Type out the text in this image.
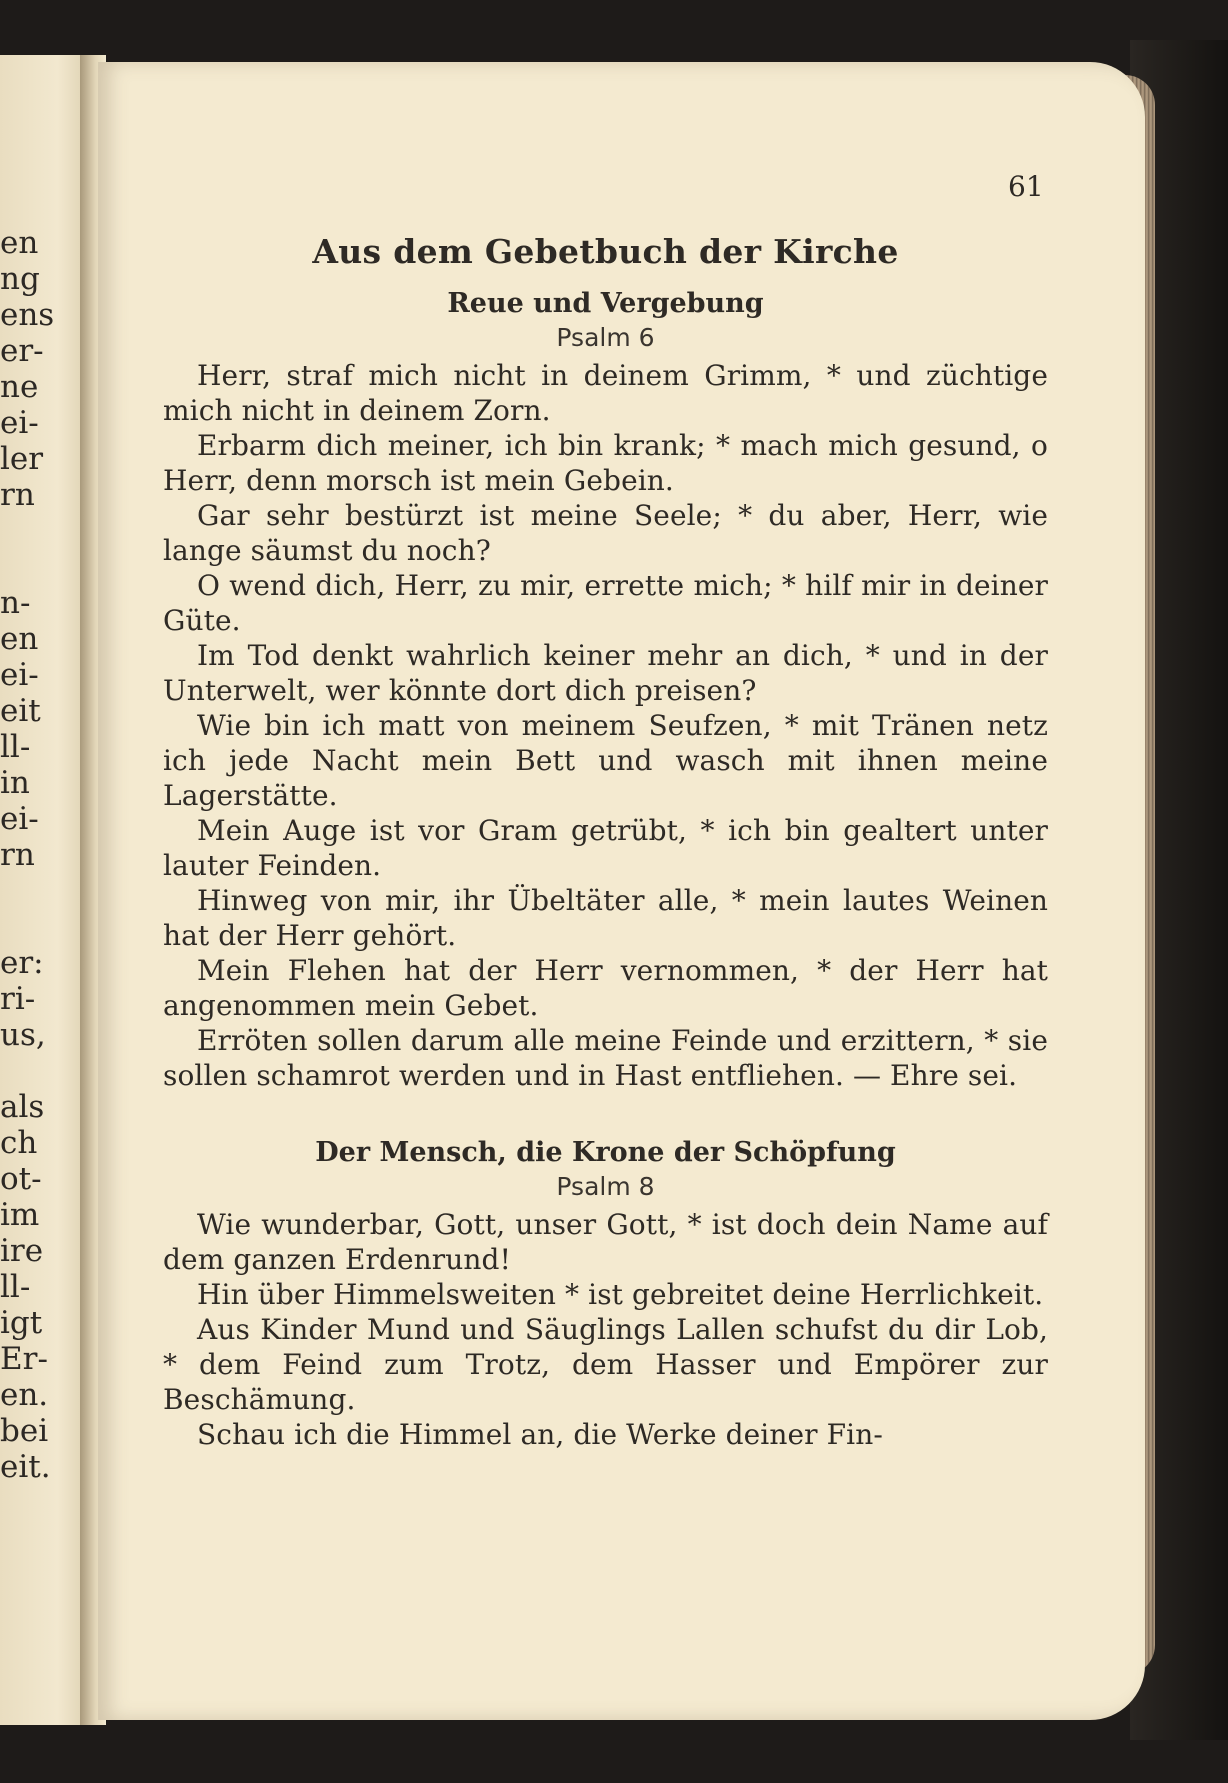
en
ng
ens
er-
ne
ei-
ler
rn
n-
en
ei-
eit
ll-
in
ei-
rn
er:
ri-
us,
als
ch
ot-
im
ire
ll-
igt
Er-
en.
bei
eit.
61
Aus dem Gebetbuch der Kirche
Reue und Vergebung
Psalm 6

Herr, straf mich nicht in deinem Grimm, * und züchtige mich nicht in deinem Zorn.

Erbarm dich meiner, ich bin krank; * mach mich gesund, o Herr, denn morsch ist mein Gebein.

Gar sehr bestürzt ist meine Seele; * du aber, Herr, wie lange säumst du noch?

O wend dich, Herr, zu mir, errette mich; * hilf mir in deiner Güte.

Im Tod denkt wahrlich keiner mehr an dich, * und in der Unterwelt, wer könnte dort dich preisen?

Wie bin ich matt von meinem Seufzen, * mit Tränen netz ich jede Nacht mein Bett und wasch mit ihnen meine Lagerstätte.

Mein Auge ist vor Gram getrübt, * ich bin gealtert unter lauter Feinden.

Hinweg von mir, ihr Übeltäter alle, * mein lautes Weinen hat der Herr gehört.

Mein Flehen hat der Herr vernommen, * der Herr hat angenommen mein Gebet.

Erröten sollen darum alle meine Feinde und erzittern, * sie sollen schamrot werden und in Hast entfliehen. — Ehre sei.

Der Mensch, die Krone der Schöpfung
Psalm 8

Wie wunderbar, Gott, unser Gott, * ist doch dein Name auf dem ganzen Erdenrund!

Hin über Himmelsweiten * ist gebreitet deine Herrlichkeit.

Aus Kinder Mund und Säuglings Lallen schufst du dir Lob, * dem Feind zum Trotz, dem Hasser und Empörer zur Beschämung.

Schau ich die Himmel an, die Werke deiner Fin-
